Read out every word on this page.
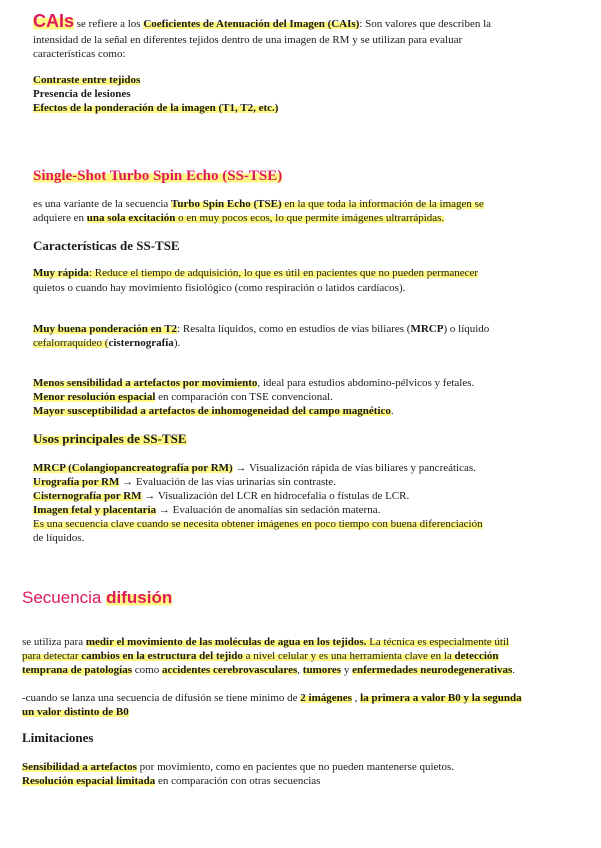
CAIs se refiere a los Coeficientes de Atenuación del Imagen (CAIs): Son valores que describen la
intensidad de la señal en diferentes tejidos dentro de una imagen de RM y se utilizan para evaluar
características como:
Contraste entre tejidos
Presencia de lesiones
Efectos de la ponderación de la imagen (T1, T2, etc.)
Single-Shot Turbo Spin Echo (SS-TSE)
es una variante de la secuencia Turbo Spin Echo (TSE) en la que toda la información de la imagen se
adquiere en una sola excitación o en muy pocos ecos, lo que permite imágenes ultrarrápidas.
Características de SS-TSE
Muy rápida: Reduce el tiempo de adquisición, lo que es útil en pacientes que no pueden permanecer
quietos o cuando hay movimiento fisiológico (como respiración o latidos cardíacos).
Muy buena ponderación en T2: Resalta líquidos, como en estudios de vías biliares (MRCP) o líquido
cefalorraquídeo (cisternografía).
Menos sensibilidad a artefactos por movimiento, ideal para estudios abdomino-pélvicos y fetales.
Menor resolución espacial en comparación con TSE convencional.
Mayor susceptibilidad a artefactos de inhomogeneidad del campo magnético.
Usos principales de SS-TSE
MRCP (Colangiopancreatografía por RM) → Visualización rápida de vías biliares y pancreáticas.
Urografía por RM → Evaluación de las vías urinarias sin contraste.
Cisternografía por RM → Visualización del LCR en hidrocefalia o fístulas de LCR.
Imagen fetal y placentaria → Evaluación de anomalías sin sedación materna.
Es una secuencia clave cuando se necesita obtener imágenes en poco tiempo con buena diferenciación
de líquidos.
Secuencia difusión
se utiliza para medir el movimiento de las moléculas de agua en los tejidos. La técnica es especialmente útil
para detectar cambios en la estructura del tejido a nivel celular y es una herramienta clave en la detección
temprana de patologías como accidentes cerebrovasculares, tumores y enfermedades neurodegenerativas.
-cuando se lanza una secuencia de difusión se tiene mínimo de 2 imágenes , la primera a valor B0 y la segunda
un valor distinto de B0
Limitaciones
Sensibilidad a artefactos por movimiento, como en pacientes que no pueden mantenerse quietos.
Resolución espacial limitada en comparación con otras secuencias
